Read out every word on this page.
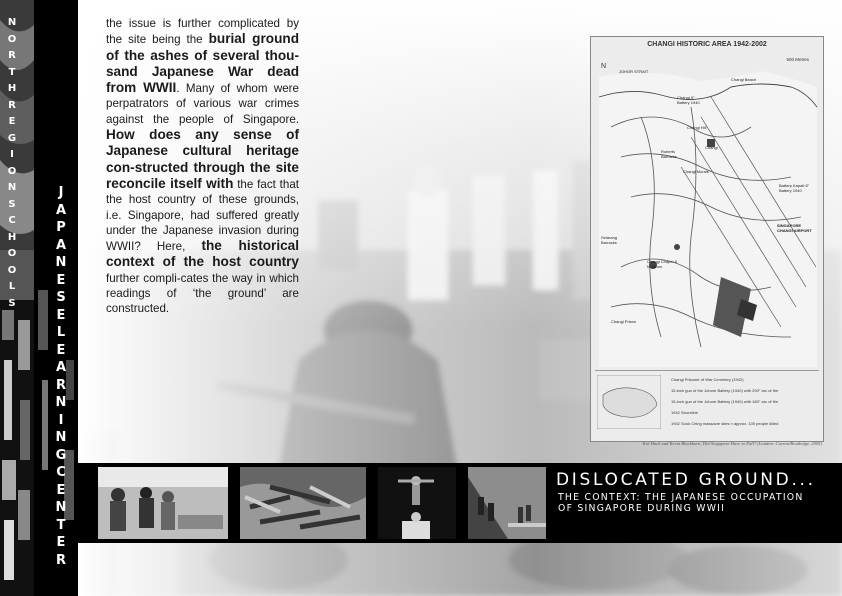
N
O
R
T
H
R
E
G
I
O
N
S
C
H
O
O
L
S
J
A
P
A
N
E
S
E
L
E
A
R
N
I
N
G
C
E
N
T
E
R
the issue is further complicated by the site being the burial ground of the ashes of several thou-sand Japanese War dead from WWII. Many of whom were perpatrators of various war crimes against the people of Singapore. How does any sense of Japanese cultural heritage con-structed through the site reconcile itself with the fact that the host country of these grounds, i.e. Singapore, had suffered greatly under the Japanese invasion during WWII? Here, the historical context of the host country further compli-cates the way in which readings of ‘the ground’ are constructed.
CHANGI HISTORIC AREA 1942-2002
N
500 Metres
JOHOR STRAIT
Changi Beach
Changi 9" Battery 1940
Changi Hill
Changi
Roberts Barracks
Changi Murals
Batterp Kapati 6" Battery 1940
SINGAPORE CHANGI AIRPORT
Selarang Barracks
Changi Chapel & Museum
Changi Prison
Changi Prisoner of War Cemetery (1942)
15-inch gun of the Johore Battery (1940) with 290° arc of fire
15-inch gun of the Johore Battery (1940) with 180° arc of fire
1942 Shoreline
1942 Sook Ching massacre sites ≈ approx. 100 people killed
Kol Hack and Kevin Blackburn, Did Singapore Have to Fall? (London: Curzon/Routledge, 2005)
DISLOCATED GROUND...
THE CONTEXT: THE JAPANESE OCCUPATION
OF SINGAPORE DURING WWII
